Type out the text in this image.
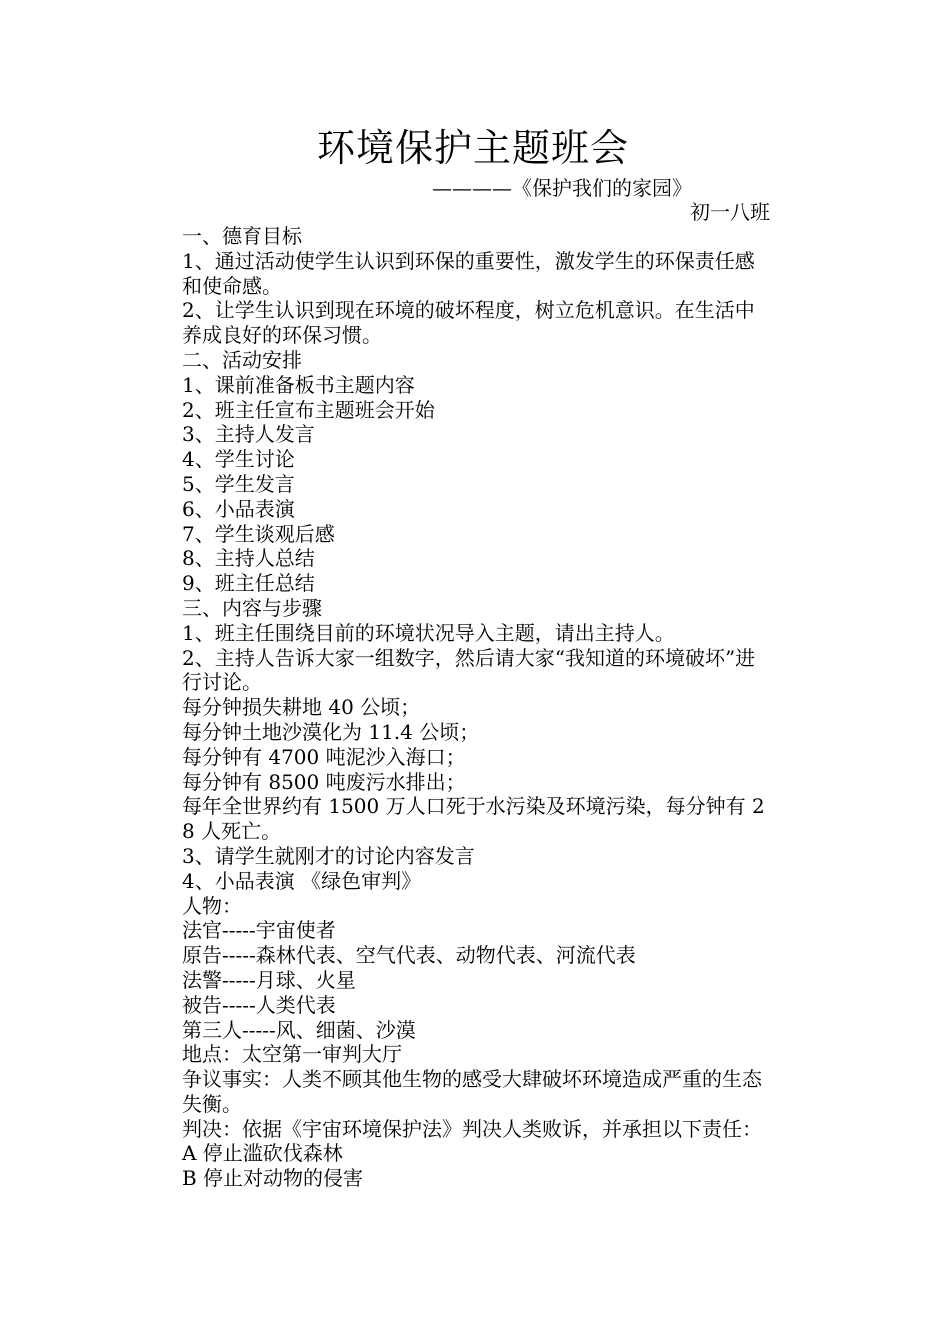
环境保护主题班会

————《保护我们的家园》

初一八班

一、德育目标

1、通过活动使学生认识到环保的重要性，激发学生的环保责任感和使命感。

2、让学生认识到现在环境的破坏程度，树立危机意识。在生活中养成良好的环保习惯。

二、活动安排

1、课前准备板书主题内容

2、班主任宣布主题班会开始

3、主持人发言

4、学生讨论

5、学生发言

6、小品表演

7、学生谈观后感

8、主持人总结

9、班主任总结

三、内容与步骤

1、班主任围绕目前的环境状况导入主题，请出主持人。

2、主持人告诉大家一组数字，然后请大家“我知道的环境破坏”进行讨论。

每分钟损失耕地 40 公顷；

每分钟土地沙漠化为 11.4 公顷；

每分钟有 4700 吨泥沙入海口；

每分钟有 8500 吨废污水排出；

每年全世界约有 1500 万人口死于水污染及环境污染，每分钟有 28 人死亡。

3、请学生就刚才的讨论内容发言

4、小品表演 《绿色审判》

人物：

法官-----宇宙使者

原告-----森林代表、空气代表、动物代表、河流代表

法警-----月球、火星

被告-----人类代表

第三人-----风、细菌、沙漠

地点：太空第一审判大厅

争议事实：人类不顾其他生物的感受大肆破坏环境造成严重的生态失衡。

判决：依据《宇宙环境保护法》判决人类败诉，并承担以下责任：

A 停止滥砍伐森林

B 停止对动物的侵害
